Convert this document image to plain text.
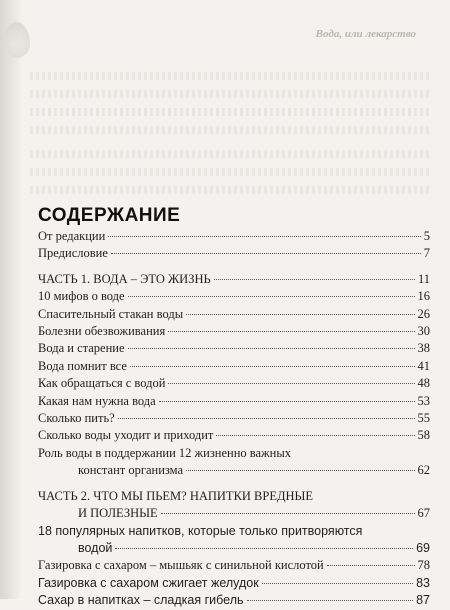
Вода, или лекарство
СОДЕРЖАНИЕ
От редакции	5
Предисловие	7
ЧАСТЬ 1. ВОДА – ЭТО ЖИЗНЬ	11
10 мифов о воде	16
Спасительный стакан воды	26
Болезни обезвоживания	30
Вода и старение	38
Вода помнит все	41
Как обращаться с водой	48
Какая нам нужна вода	53
Сколько пить?	55
Сколько воды уходит и приходит	58
Роль воды в поддержании 12 жизненно важных
констант организма	62
ЧАСТЬ 2. ЧТО МЫ ПЬЕМ? НАПИТКИ ВРЕДНЫЕ
И ПОЛЕЗНЫЕ	67
18 популярных напитков, которые только притворяются
водой	69
Газировка с сахаром – мышьяк с синильной кислотой	78
Газировка с сахаром сжигает желудок	83
Сахар в напитках – сладкая гибель	87
